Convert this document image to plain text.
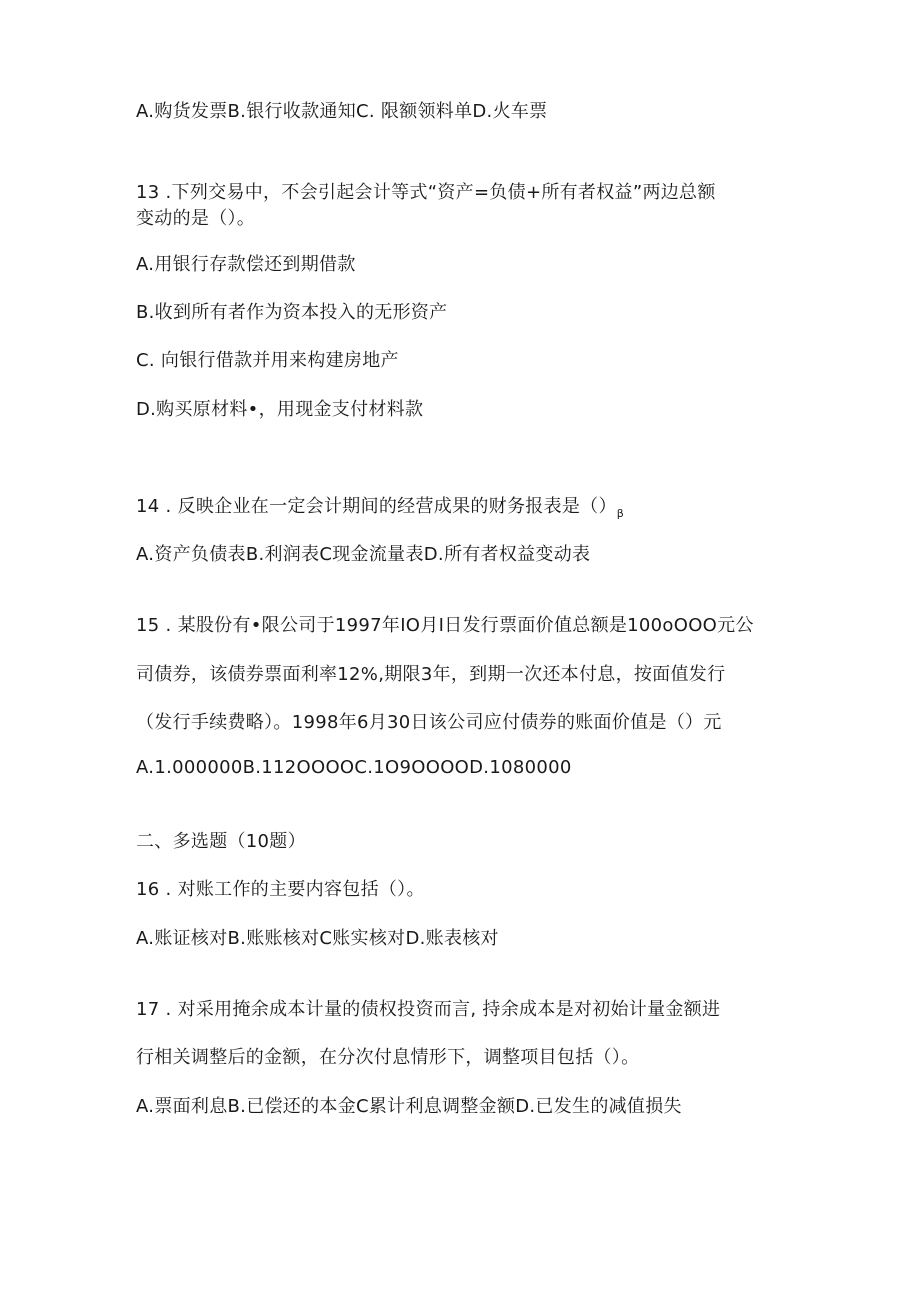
A.购货发票B.银行收款通知C. 限额领料单D.火车票
13 .下列交易中，不会引起会计等式“资产=负债+所有者权益”两边总额
变动的是（）。
A.用银行存款偿还到期借款
B.收到所有者作为资本投入的无形资产
C. 向银行借款并用来构建房地产
D.购买原材料•，用现金支付材料款
14 . 反映企业在一定会计期间的经营成果的财务报表是$()_\beta$
A.资产负债表B.利润表C现金流量表D.所有者权益变动表
15 . 某股份有•限公司于1997年IO月I日发行票面价值总额是100oOOO元公
司债券，该债券票面利率12%,期限3年，到期一次还本付息，按面值发行
（发行手续费略）。1998年6月30日该公司应付债券的账面价值是（）元
A.1.000000B.112OOOOC.1O9OOOOD.1080000
二、多选题（10题）
16 . 对账工作的主要内容包括（）。
A.账证核对B.账账核对C账实核对D.账表核对
17 . 对采用掩余成本计量的债权投资而言, 持余成本是对初始计量金额进
行相关调整后的金额，在分次付息情形下，调整项目包括（）。
A.票面利息B.已偿还的本金C累计利息调整金额D.已发生的减值损失
